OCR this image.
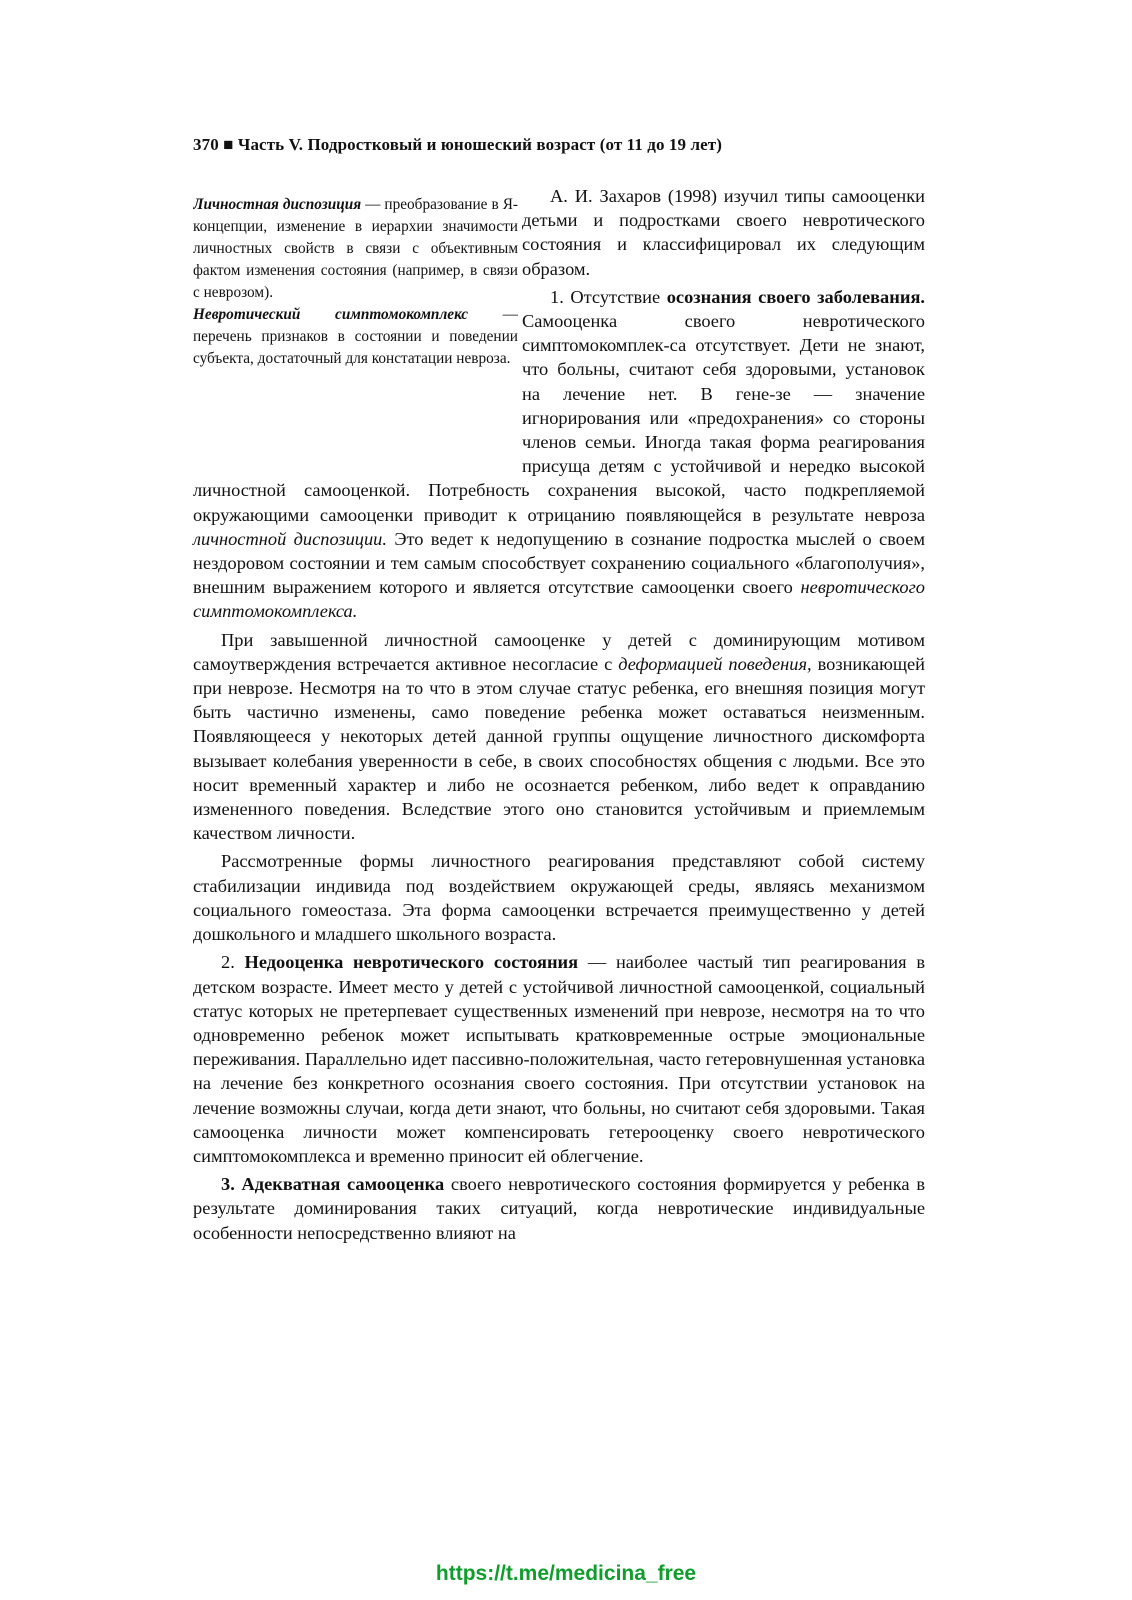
370 ■ Часть V. Подростковый и юношеский возраст (от 11 до 19 лет)

Личностная диспозиция — преобразование в Я-концепции, изменение в иерархии значимости личностных свойств в связи с объективным фактом изменения состояния (например, в связи с неврозом).

Невротический симптомокомплекс — перечень признаков в состоянии и поведении субъекта, достаточный для констатации невроза.

А. И. Захаров (1998) изучил типы самооценки детьми и подростками своего невротического состояния и классифицировал их следующим образом.

1. Отсутствие осознания своего заболевания. Самооценка своего невротического симптомокомплек-са отсутствует. Дети не знают, что больны, считают себя здоровыми, установок на лечение нет. В гене-зе — значение игнорирования или «предохранения» со стороны членов семьи. Иногда такая форма реагирования присуща детям с устойчивой и нередко высокой личностной самооценкой. Потребность сохранения высокой, часто подкрепляемой окружающими самооценки приводит к отрицанию появляющейся в результате невроза личностной диспозиции. Это ведет к недопущению в сознание подростка мыслей о своем нездоровом состоянии и тем самым способствует сохранению социального «благополучия», внешним выражением которого и является отсутствие самооценки своего невротического симптомокомплекса.

При завышенной личностной самооценке у детей с доминирующим мотивом самоутверждения встречается активное несогласие с деформацией поведения, возникающей при неврозе. Несмотря на то что в этом случае статус ребенка, его внешняя позиция могут быть частично изменены, само поведение ребенка может оставаться неизменным. Появляющееся у некоторых детей данной группы ощущение личностного дискомфорта вызывает колебания уверенности в себе, в своих способностях общения с людьми. Все это носит временный характер и либо не осознается ребенком, либо ведет к оправданию измененного поведения. Вследствие этого оно становится устойчивым и приемлемым качеством личности.

Рассмотренные формы личностного реагирования представляют собой систему стабилизации индивида под воздействием окружающей среды, являясь механизмом социального гомеостаза. Эта форма самооценки встречается преимущественно у детей дошкольного и младшего школьного возраста.

2. Недооценка невротического состояния — наиболее частый тип реагирования в детском возрасте. Имеет место у детей с устойчивой личностной самооценкой, социальный статус которых не претерпевает существенных изменений при неврозе, несмотря на то что одновременно ребенок может испытывать кратковременные острые эмоциональные переживания. Параллельно идет пассивно-положительная, часто гетеровнушенная установка на лечение без конкретного осознания своего состояния. При отсутствии установок на лечение возможны случаи, когда дети знают, что больны, но считают себя здоровыми. Такая самооценка личности может компенсировать гетерооценку своего невротического симптомокомплекса и временно приносит ей облегчение.

3. Адекватная самооценка своего невротического состояния формируется у ребенка в результате доминирования таких ситуаций, когда невротические индивидуальные особенности непосредственно влияют на

https://t.me/medicina_free
